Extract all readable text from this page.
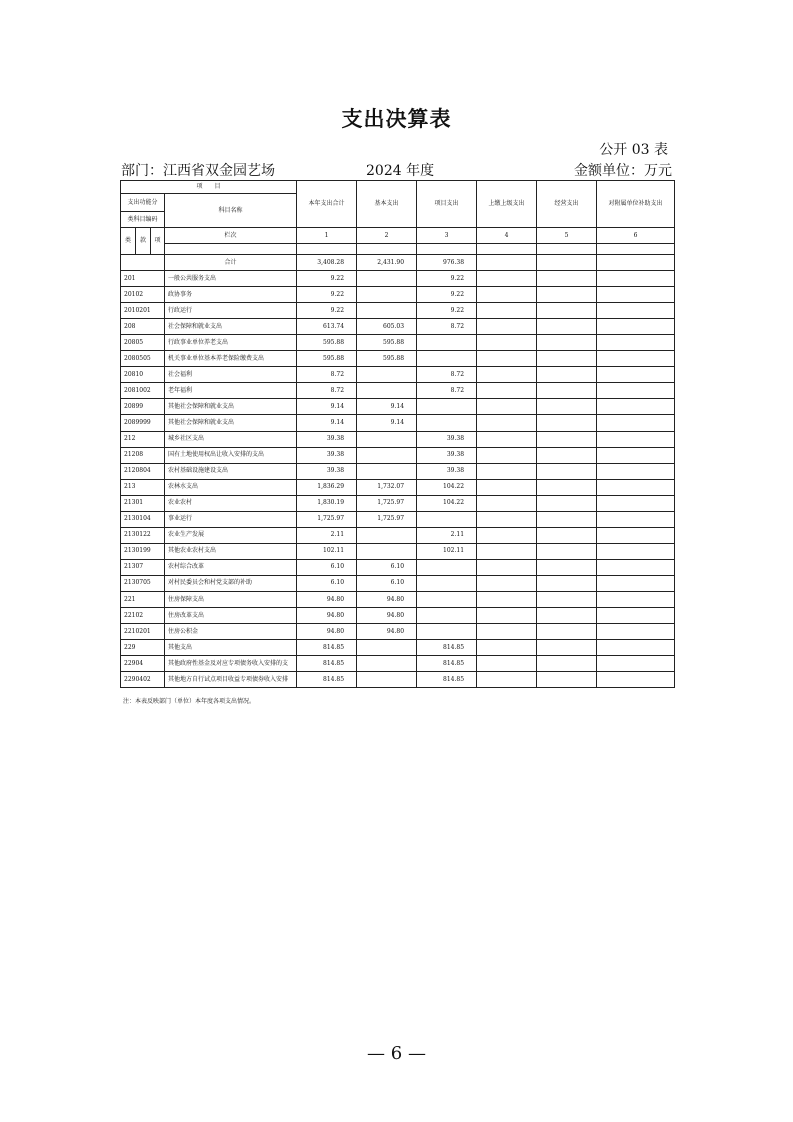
支出决算表
公开 03 表
部门：江西省双金园艺场	2024 年度	金额单位：万元
项　　目				本年支出合计	基本支出	项目支出	上缴上级支出	经营支出	对附属单位补助支出
支出功能分			科目名称						
类科目编码									
类	款	项	栏次	1	2	3	4	5	6

			合计	3,408.28	2,431.90	976.38			
201			一般公共服务支出	9.22		9.22			
20102			政协事务	9.22		9.22			
2010201			行政运行	9.22		9.22			
208			社会保障和就业支出	613.74	605.03	8.72			
20805			行政事业单位养老支出	595.88	595.88				
2080505			机关事业单位基本养老保险缴费支出	595.88	595.88				
20810			社会福利	8.72		8.72			
2081002			老年福利	8.72		8.72			
20899			其他社会保障和就业支出	9.14	9.14				
2089999			其他社会保障和就业支出	9.14	9.14				
212			城乡社区支出	39.38		39.38			
21208			国有土地使用权出让收入安排的支出	39.38		39.38			
2120804			农村基础设施建设支出	39.38		39.38			
213			农林水支出	1,836.29	1,732.07	104.22			
21301			农业农村	1,830.19	1,725.97	104.22			
2130104			事业运行	1,725.97	1,725.97				
2130122			农业生产发展	2.11		2.11			
2130199			其他农业农村支出	102.11		102.11			
21307			农村综合改革	6.10	6.10				
2130705			对村民委员会和村党支部的补助	6.10	6.10				
221			住房保障支出	94.80	94.80				
22102			住房改革支出	94.80	94.80				
2210201			住房公积金	94.80	94.80				
229			其他支出	814.85		814.85			
22904			其他政府性基金及对应专项债务收入安排的支	814.85		814.85			
2290402			其他地方自行试点项目收益专项债券收入安排	814.85		814.85			
注：本表反映部门（单位）本年度各项支出情况。
— 6 —
